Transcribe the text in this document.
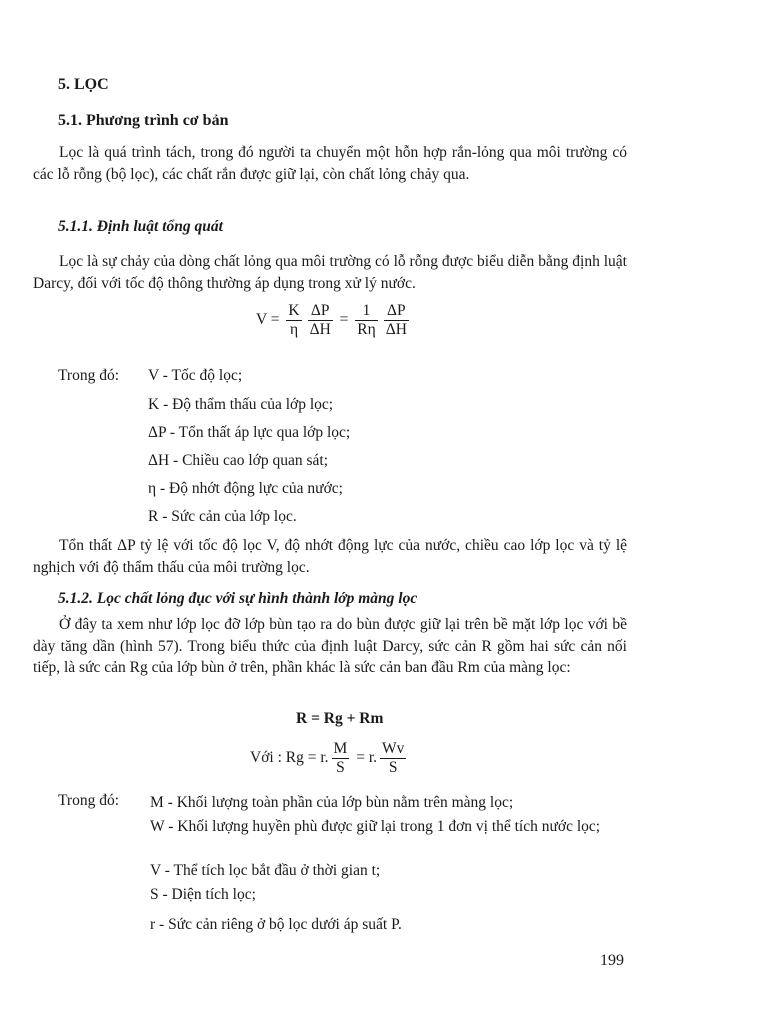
5. LỌC
5.1. Phương trình cơ bản
Lọc là quá trình tách, trong đó người ta chuyển một hỗn hợp rắn-lỏng qua môi trường có các lỗ rỗng (bộ lọc), các chất rắn được giữ lại, còn chất lỏng chảy qua.
5.1.1. Định luật tổng quát
Lọc là sự chảy của dòng chất lỏng qua môi trường có lỗ rỗng được biểu diễn bằng định luật Darcy, đối với tốc độ thông thường áp dụng trong xử lý nước.
$V = \frac{K}{\eta} \frac{\Delta P}{\Delta H} = \frac{1}{R\eta} \frac{\Delta P}{\Delta H}$
Trong đó: V - Tốc độ lọc;
K - Độ thẩm thấu của lớp lọc;
ΔP - Tổn thất áp lực qua lớp lọc;
ΔH - Chiều cao lớp quan sát;
η - Độ nhớt động lực của nước;
R - Sức cản của lớp lọc.
Tổn thất ΔP tỷ lệ với tốc độ lọc V, độ nhớt động lực của nước, chiều cao lớp lọc và tỷ lệ nghịch với độ thẩm thấu của môi trường lọc.
5.1.2. Lọc chất lỏng đục với sự hình thành lớp màng lọc
Ở đây ta xem như lớp lọc đỡ lớp bùn tạo ra do bùn được giữ lại trên bề mặt lớp lọc với bề dày tăng dần (hình 57). Trong biểu thức của định luật Darcy, sức cản R gồm hai sức cản nối tiếp, là sức cản Rg của lớp bùn ở trên, phần khác là sức cản ban đầu Rm của màng lọc:
R = Rg + Rm
Với : Rg = r. $\frac{M}{S} = r$. $\frac{Wv}{S}$
Trong đó: M - Khối lượng toàn phần của lớp bùn nằm trên màng lọc;
W - Khối lượng huyền phù được giữ lại trong 1 đơn vị thể tích nước lọc;
V - Thể tích lọc bắt đầu ở thời gian t;
S - Diện tích lọc;
r - Sức cản riêng ở bộ lọc dưới áp suất P.
199
